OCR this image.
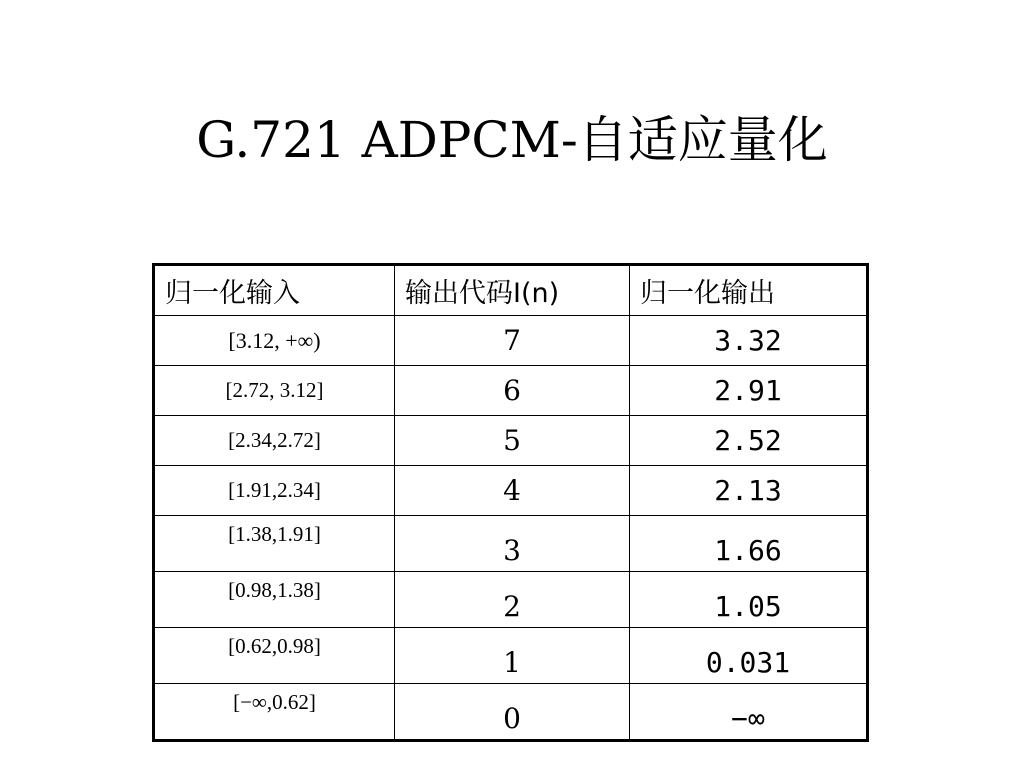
G.721 ADPCM-自适应量化
归一化输入	输出代码I(n)	归一化输出
[3.12, +∞)	7	3.32
[2.72, 3.12]	6	2.91
[2.34,2.72]	5	2.52
[1.91,2.34]	4	2.13
[1.38,1.91]	3	1.66
[0.98,1.38]	2	1.05
[0.62,0.98]	1	0.031
[−∞,0.62]	0	−∞
